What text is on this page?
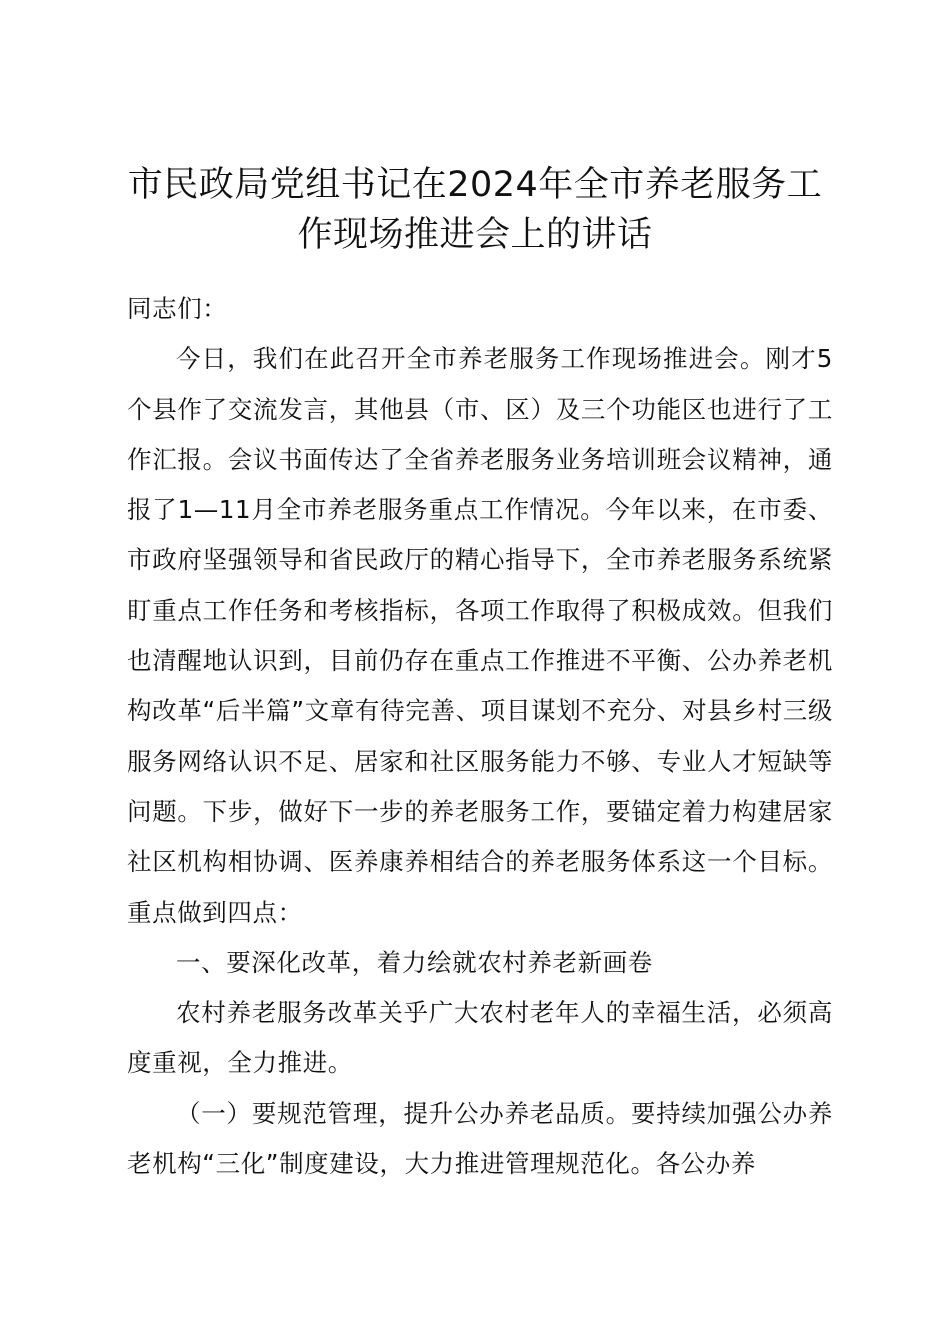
市民政局党组书记在2024年全市养老服务工
作现场推进会上的讲话

同志们：

今日，我们在此召开全市养老服务工作现场推进会。刚才5个县作了交流发言，其他县（市、区）及三个功能区也进行了工作汇报。会议书面传达了全省养老服务业务培训班会议精神，通报了1—11月全市养老服务重点工作情况。今年以来，在市委、市政府坚强领导和省民政厅的精心指导下，全市养老服务系统紧盯重点工作任务和考核指标，各项工作取得了积极成效。但我们也清醒地认识到，目前仍存在重点工作推进不平衡、公办养老机构改革“后半篇”文章有待完善、项目谋划不充分、对县乡村三级服务网络认识不足、居家和社区服务能力不够、专业人才短缺等问题。下步，做好下一步的养老服务工作，要锚定着力构建居家社区机构相协调、医养康养相结合的养老服务体系这一个目标。重点做到四点：

一、要深化改革，着力绘就农村养老新画卷

农村养老服务改革关乎广大农村老年人的幸福生活，必须高度重视，全力推进。

（一）要规范管理，提升公办养老品质。要持续加强公办养老机构“三化”制度建设，大力推进管理规范化。各公办养
